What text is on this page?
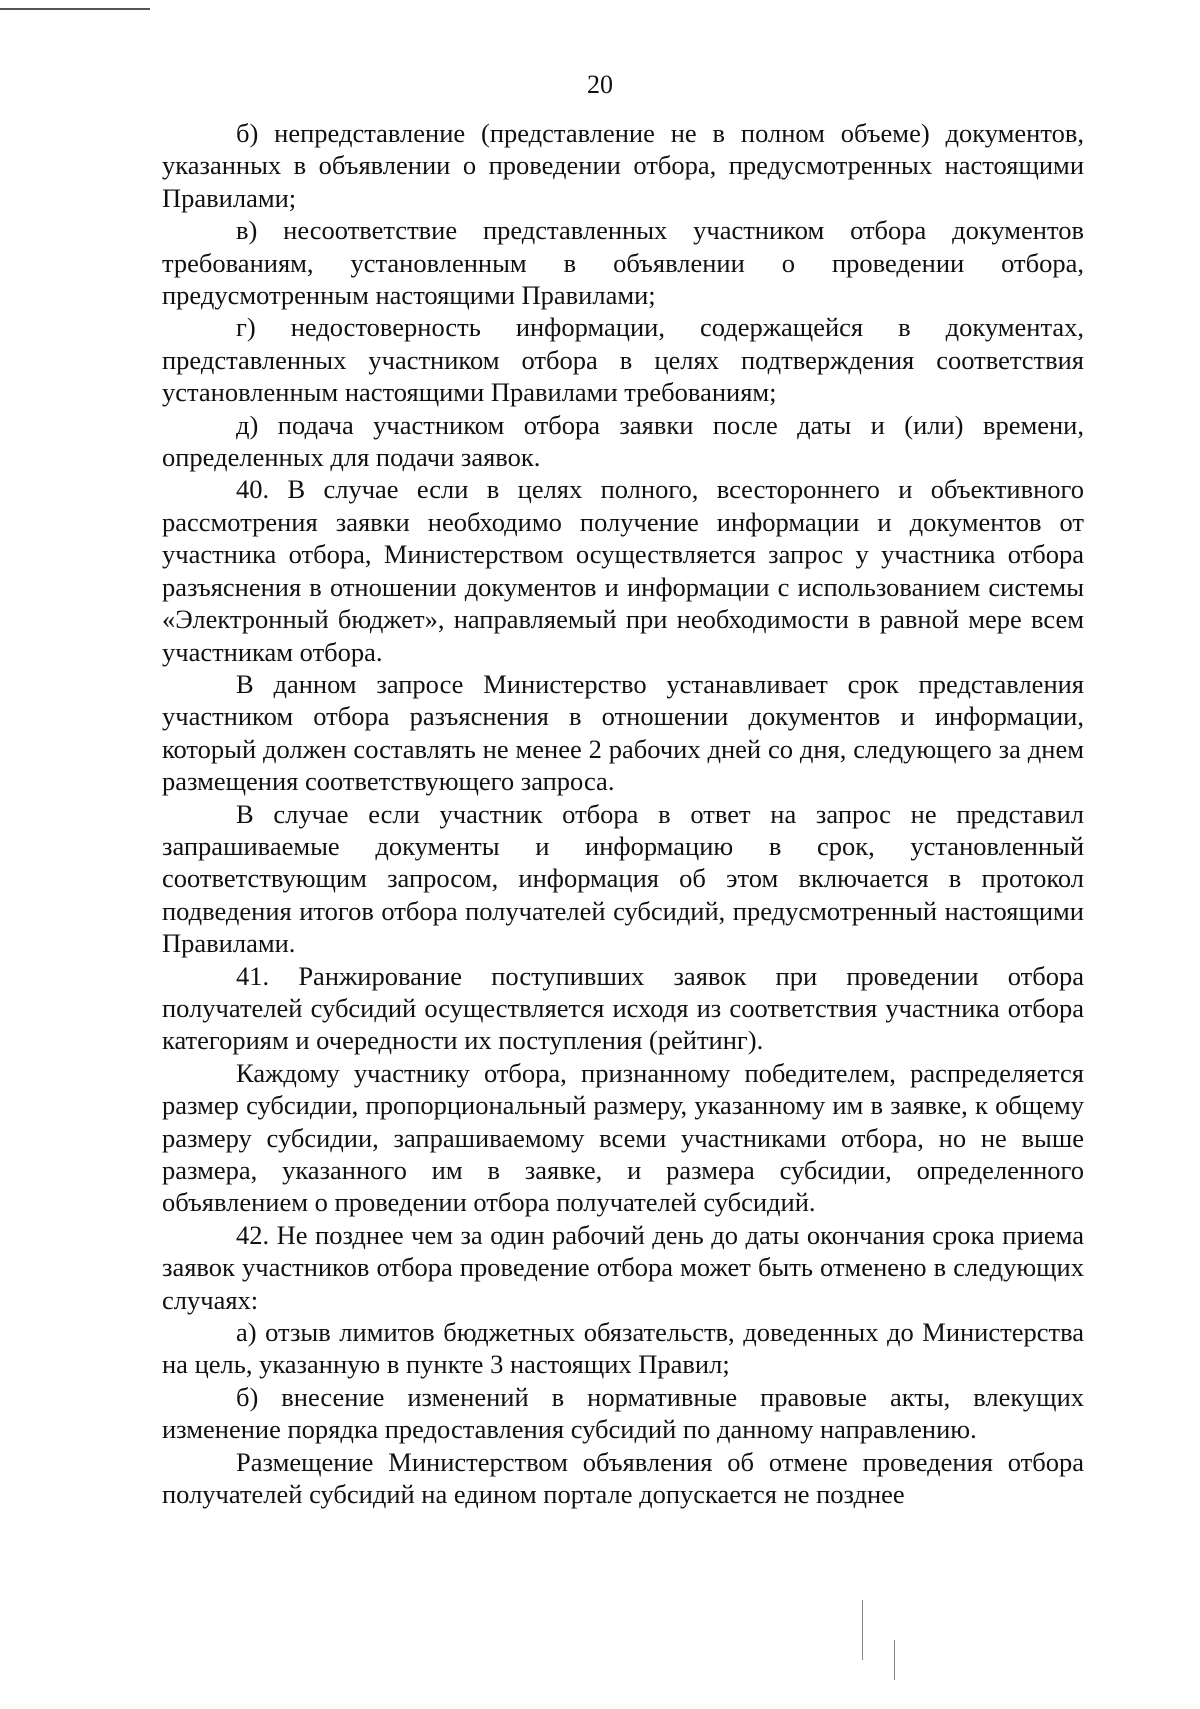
20

б) непредставление (представление не в полном объеме) документов, указанных в объявлении о проведении отбора, предусмотренных настоящими Правилами;

в) несоответствие представленных участником отбора документов требованиям, установленным в объявлении о проведении отбора, предусмотренным настоящими Правилами;

г) недостоверность информации, содержащейся в документах, представленных участником отбора в целях подтверждения соответствия установленным настоящими Правилами требованиям;

д) подача участником отбора заявки после даты и (или) времени, определенных для подачи заявок.

40. В случае если в целях полного, всестороннего и объективного рассмотрения заявки необходимо получение информации и документов от участника отбора, Министерством осуществляется запрос у участника отбора разъяснения в отношении документов и информации с использованием системы «Электронный бюджет», направляемый при необходимости в равной мере всем участникам отбора.

В данном запросе Министерство устанавливает срок представления участником отбора разъяснения в отношении документов и информации, который должен составлять не менее 2 рабочих дней со дня, следующего за днем размещения соответствующего запроса.

В случае если участник отбора в ответ на запрос не представил запрашиваемые документы и информацию в срок, установленный соответствующим запросом, информация об этом включается в протокол подведения итогов отбора получателей субсидий, предусмотренный настоящими Правилами.

41. Ранжирование поступивших заявок при проведении отбора получателей субсидий осуществляется исходя из соответствия участника отбора категориям и очередности их поступления (рейтинг).

Каждому участнику отбора, признанному победителем, распределяется размер субсидии, пропорциональный размеру, указанному им в заявке, к общему размеру субсидии, запрашиваемому всеми участниками отбора, но не выше размера, указанного им в заявке, и размера субсидии, определенного объявлением о проведении отбора получателей субсидий.

42. Не позднее чем за один рабочий день до даты окончания срока приема заявок участников отбора проведение отбора может быть отменено в следующих случаях:

а) отзыв лимитов бюджетных обязательств, доведенных до Министерства на цель, указанную в пункте 3 настоящих Правил;

б) внесение изменений в нормативные правовые акты, влекущих изменение порядка предоставления субсидий по данному направлению.

Размещение Министерством объявления об отмене проведения отбора получателей субсидий на едином портале допускается не позднее
